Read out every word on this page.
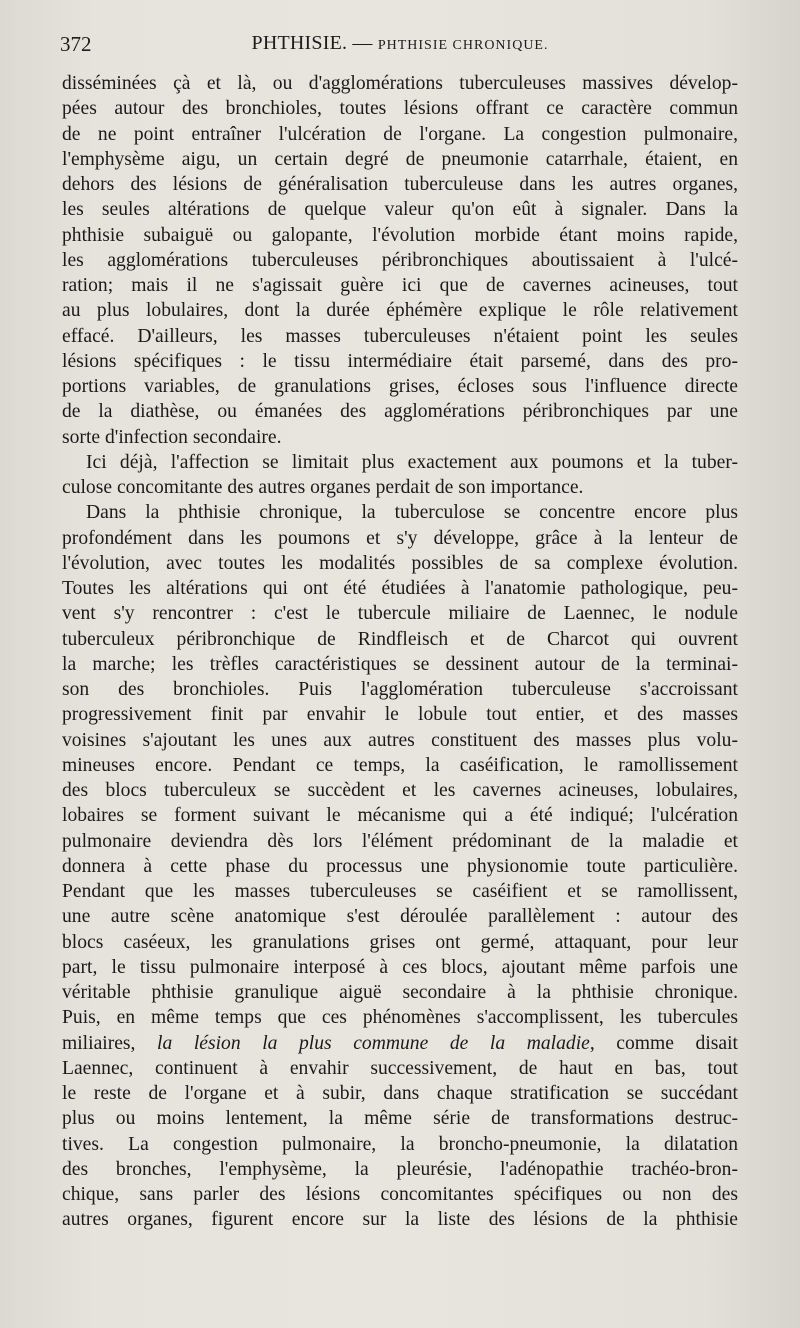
372	PHTHISIE. — PHTHISIE CHRONIQUE.
disséminées çà et là, ou d'agglomérations tuberculeuses massives dévelop-
pées autour des bronchioles, toutes lésions offrant ce caractère commun
de ne point entraîner l'ulcération de l'organe. La congestion pulmonaire,
l'emphysème aigu, un certain degré de pneumonie catarrhale, étaient, en
dehors des lésions de généralisation tuberculeuse dans les autres organes,
les seules altérations de quelque valeur qu'on eût à signaler. Dans la
phthisie subaiguë ou galopante, l'évolution morbide étant moins rapide,
les agglomérations tuberculeuses péribronchiques aboutissaient à l'ulcé-
ration; mais il ne s'agissait guère ici que de cavernes acineuses, tout
au plus lobulaires, dont la durée éphémère explique le rôle relativement
effacé. D'ailleurs, les masses tuberculeuses n'étaient point les seules
lésions spécifiques : le tissu intermédiaire était parsemé, dans des pro-
portions variables, de granulations grises, écloses sous l'influence directe
de la diathèse, ou émanées des agglomérations péribronchiques par une
sorte d'infection secondaire.
Ici déjà, l'affection se limitait plus exactement aux poumons et la tuber-
culose concomitante des autres organes perdait de son importance.
Dans la phthisie chronique, la tuberculose se concentre encore plus
profondément dans les poumons et s'y développe, grâce à la lenteur de
l'évolution, avec toutes les modalités possibles de sa complexe évolution.
Toutes les altérations qui ont été étudiées à l'anatomie pathologique, peu-
vent s'y rencontrer : c'est le tubercule miliaire de Laennec, le nodule
tuberculeux péribronchique de Rindfleisch et de Charcot qui ouvrent
la marche; les trèfles caractéristiques se dessinent autour de la terminai-
son des bronchioles. Puis l'agglomération tuberculeuse s'accroissant
progressivement finit par envahir le lobule tout entier, et des masses
voisines s'ajoutant les unes aux autres constituent des masses plus volu-
mineuses encore. Pendant ce temps, la caséification, le ramollissement
des blocs tuberculeux se succèdent et les cavernes acineuses, lobulaires,
lobaires se forment suivant le mécanisme qui a été indiqué; l'ulcération
pulmonaire deviendra dès lors l'élément prédominant de la maladie et
donnera à cette phase du processus une physionomie toute particulière.
Pendant que les masses tuberculeuses se caséifient et se ramollissent,
une autre scène anatomique s'est déroulée parallèlement : autour des
blocs caséeux, les granulations grises ont germé, attaquant, pour leur
part, le tissu pulmonaire interposé à ces blocs, ajoutant même parfois une
véritable phthisie granulique aiguë secondaire à la phthisie chronique.
Puis, en même temps que ces phénomènes s'accomplissent, les tubercules
miliaires, la lésion la plus commune de la maladie, comme disait
Laennec, continuent à envahir successivement, de haut en bas, tout
le reste de l'organe et à subir, dans chaque stratification se succédant
plus ou moins lentement, la même série de transformations destruc-
tives. La congestion pulmonaire, la broncho-pneumonie, la dilatation
des bronches, l'emphysème, la pleurésie, l'adénopathie trachéo-bron-
chique, sans parler des lésions concomitantes spécifiques ou non des
autres organes, figurent encore sur la liste des lésions de la phthisie
